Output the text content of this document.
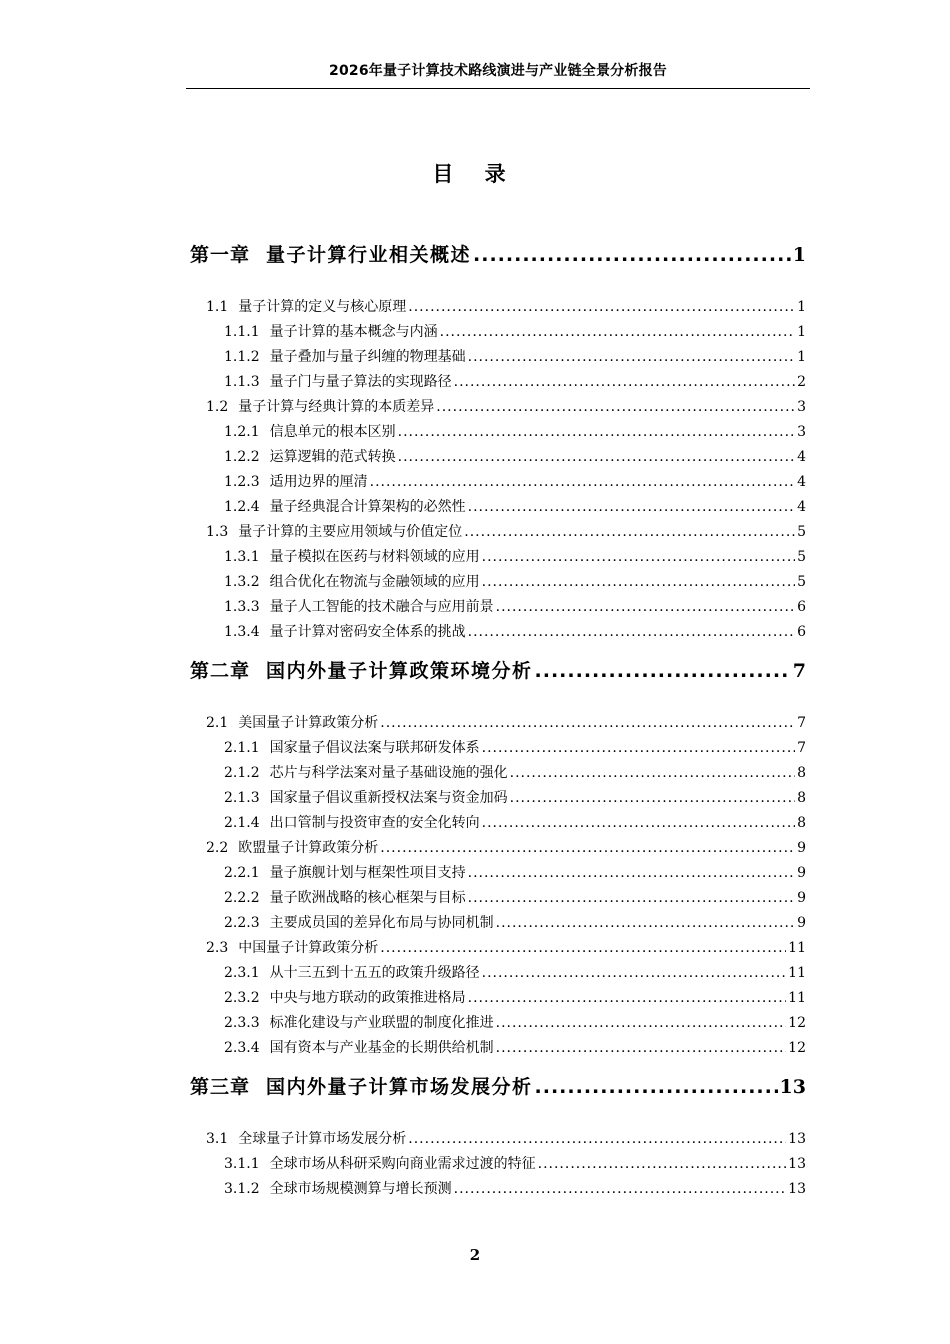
2026年量子计算技术路线演进与产业链全景分析报告
目 录
第一章 量子计算行业相关概述 .....	1
1.1 量子计算的定义与核心原理 .....	1
1.1.1 量子计算的基本概念与内涵 .....	1
1.1.2 量子叠加与量子纠缠的物理基础 .....	1
1.1.3 量子门与量子算法的实现路径 .....	2
1.2 量子计算与经典计算的本质差异 .....	3
1.2.1 信息单元的根本区别 .....	3
1.2.2 运算逻辑的范式转换 .....	4
1.2.3 适用边界的厘清 .....	4
1.2.4 量子经典混合计算架构的必然性 .....	4
1.3 量子计算的主要应用领域与价值定位 .....	5
1.3.1 量子模拟在医药与材料领域的应用 .....	5
1.3.2 组合优化在物流与金融领域的应用 .....	5
1.3.3 量子人工智能的技术融合与应用前景 .....	6
1.3.4 量子计算对密码安全体系的挑战 .....	6
第二章 国内外量子计算政策环境分析 .....	7
2.1 美国量子计算政策分析 .....	7
2.1.1 国家量子倡议法案与联邦研发体系 .....	7
2.1.2 芯片与科学法案对量子基础设施的强化 .....	8
2.1.3 国家量子倡议重新授权法案与资金加码 .....	8
2.1.4 出口管制与投资审查的安全化转向 .....	8
2.2 欧盟量子计算政策分析 .....	9
2.2.1 量子旗舰计划与框架性项目支持 .....	9
2.2.2 量子欧洲战略的核心框架与目标 .....	9
2.2.3 主要成员国的差异化布局与协同机制 .....	9
2.3 中国量子计算政策分析 .....	11
2.3.1 从十三五到十五五的政策升级路径 .....	11
2.3.2 中央与地方联动的政策推进格局 .....	11
2.3.3 标准化建设与产业联盟的制度化推进 .....	12
2.3.4 国有资本与产业基金的长期供给机制 .....	12
第三章 国内外量子计算市场发展分析 .....	13
3.1 全球量子计算市场发展分析 .....	13
3.1.1 全球市场从科研采购向商业需求过渡的特征 .....	13
3.1.2 全球市场规模测算与增长预测 .....	13
2
